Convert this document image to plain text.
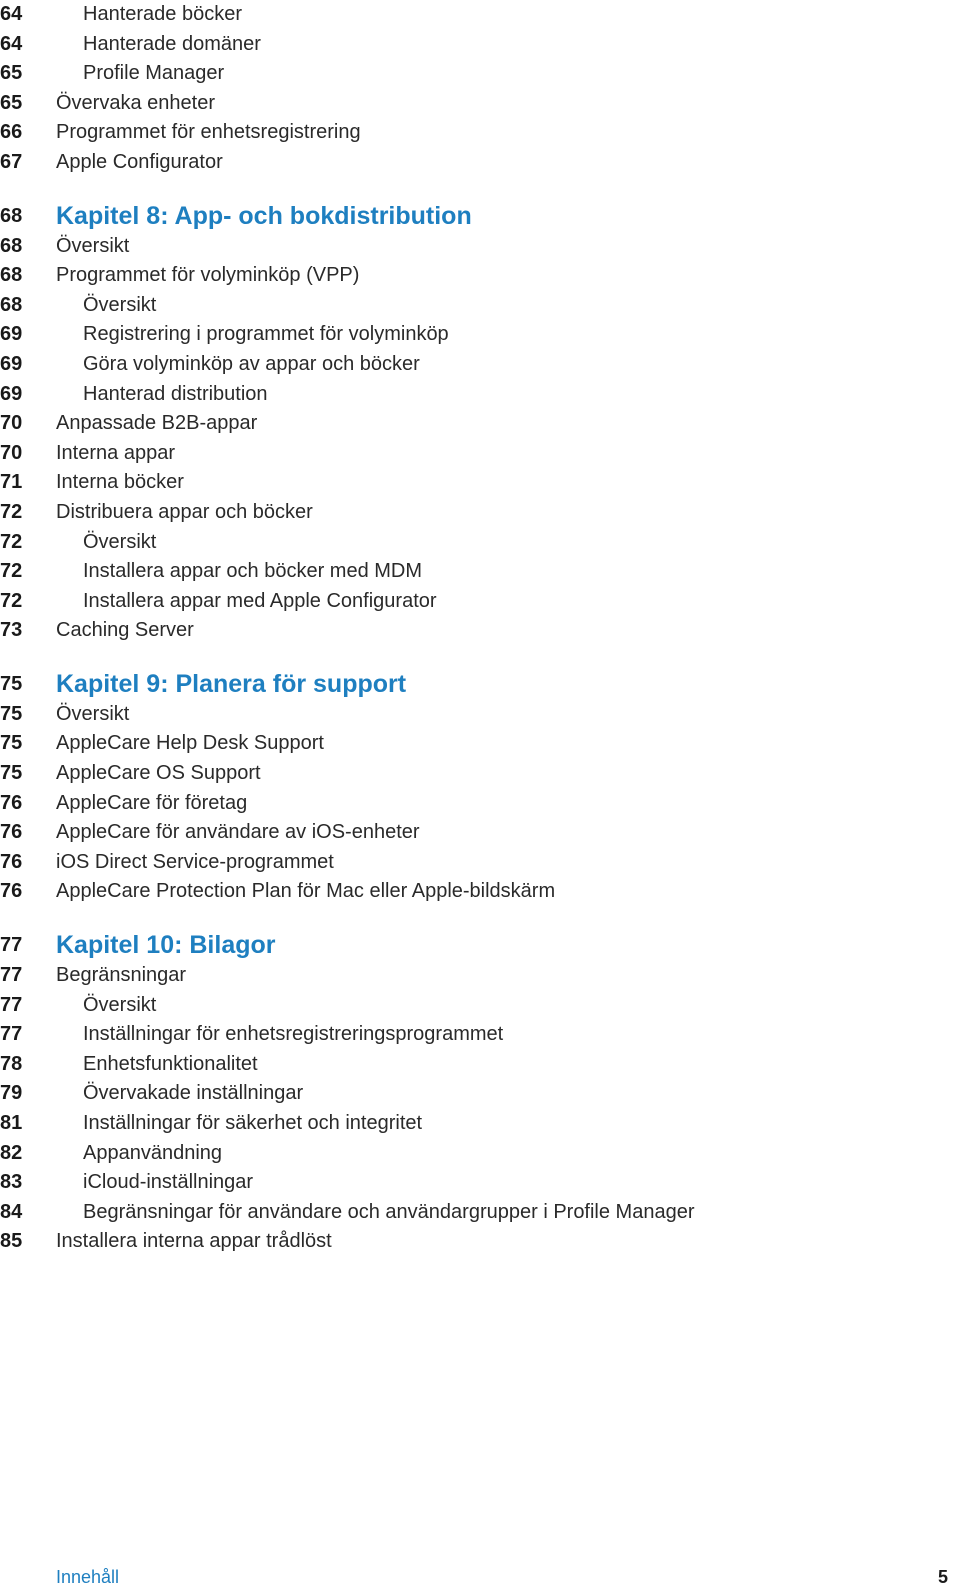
64	Hanterade böcker
64	Hanterade domäner
65	Profile Manager
65 Övervaka enheter
66 Programmet för enhetsregistrering
67 Apple Configurator
68 Kapitel 8: App- och bokdistribution
68 Översikt
68 Programmet för volyminköp (VPP)
68	Översikt
69	Registrering i programmet för volyminköp
69	Göra volyminköp av appar och böcker
69	Hanterad distribution
70 Anpassade B2B-appar
70 Interna appar
71 Interna böcker
72 Distribuera appar och böcker
72	Översikt
72	Installera appar och böcker med MDM
72	Installera appar med Apple Configurator
73 Caching Server
75 Kapitel 9: Planera för support
75 Översikt
75 AppleCare Help Desk Support
75 AppleCare OS Support
76 AppleCare för företag
76 AppleCare för användare av iOS-enheter
76 iOS Direct Service-programmet
76 AppleCare Protection Plan för Mac eller Apple-bildskärm
77 Kapitel 10: Bilagor
77 Begränsningar
77	Översikt
77	Inställningar för enhetsregistreringsprogrammet
78	Enhetsfunktionalitet
79	Övervakade inställningar
81	Inställningar för säkerhet och integritet
82	Appanvändning
83	iCloud-inställningar
84	Begränsningar för användare och användargrupper i Profile Manager
85 Installera interna appar trådlöst
Innehåll	5
